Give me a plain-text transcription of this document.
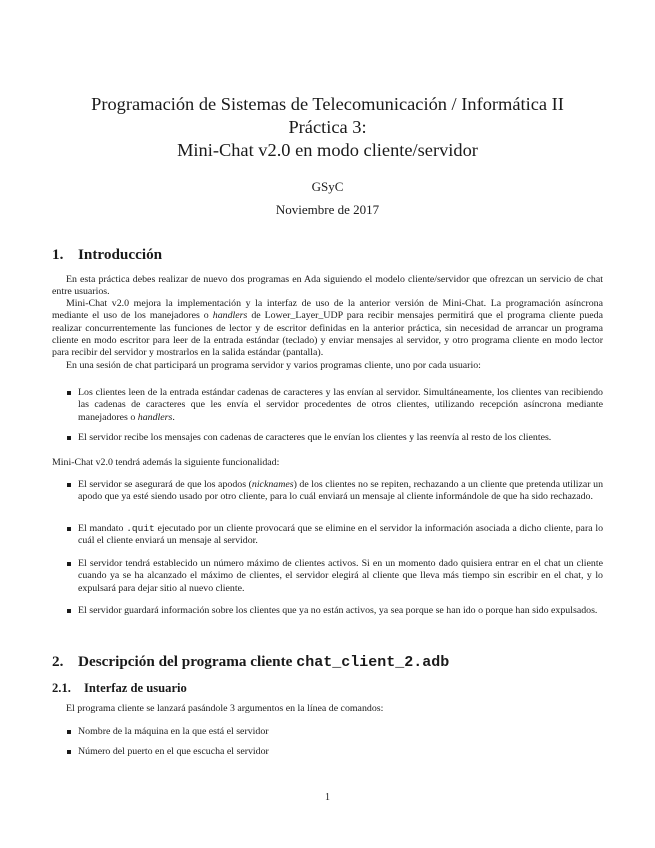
Programación de Sistemas de Telecomunicación / Informática II
Práctica 3:
Mini-Chat v2.0 en modo cliente/servidor
GSyC
Noviembre de 2017
1. Introducción
En esta práctica debes realizar de nuevo dos programas en Ada siguiendo el modelo cliente/servidor que ofrezcan un servicio de chat entre usuarios.
Mini-Chat v2.0 mejora la implementación y la interfaz de uso de la anterior versión de Mini-Chat. La programación asíncrona mediante el uso de los manejadores o handlers de Lower_Layer_UDP para recibir mensajes permitirá que el programa cliente pueda realizar concurrentemente las funciones de lector y de escritor definidas en la anterior práctica, sin necesidad de arrancar un programa cliente en modo escritor para leer de la entrada estándar (teclado) y enviar mensajes al servidor, y otro programa cliente en modo lector para recibir del servidor y mostrarlos en la salida estándar (pantalla).
En una sesión de chat participará un programa servidor y varios programas cliente, uno por cada usuario:
Los clientes leen de la entrada estándar cadenas de caracteres y las envían al servidor. Simultáneamente, los clientes van recibiendo las cadenas de caracteres que les envía el servidor procedentes de otros clientes, utilizando recepción asíncrona mediante manejadores o handlers.
El servidor recibe los mensajes con cadenas de caracteres que le envían los clientes y las reenvía al resto de los clientes.
Mini-Chat v2.0 tendrá además la siguiente funcionalidad:
El servidor se asegurará de que los apodos (nicknames) de los clientes no se repiten, rechazando a un cliente que pretenda utilizar un apodo que ya esté siendo usado por otro cliente, para lo cuál enviará un mensaje al cliente informándole de que ha sido rechazado.
El mandato .quit ejecutado por un cliente provocará que se elimine en el servidor la información asociada a dicho cliente, para lo cuál el cliente enviará un mensaje al servidor.
El servidor tendrá establecido un número máximo de clientes activos. Si en un momento dado quisiera entrar en el chat un cliente cuando ya se ha alcanzado el máximo de clientes, el servidor elegirá al cliente que lleva más tiempo sin escribir en el chat, y lo expulsará para dejar sitio al nuevo cliente.
El servidor guardará información sobre los clientes que ya no están activos, ya sea porque se han ido o porque han sido expulsados.
2. Descripción del programa cliente chat_client_2.adb
2.1. Interfaz de usuario
El programa cliente se lanzará pasándole 3 argumentos en la línea de comandos:
Nombre de la máquina en la que está el servidor
Número del puerto en el que escucha el servidor
1
